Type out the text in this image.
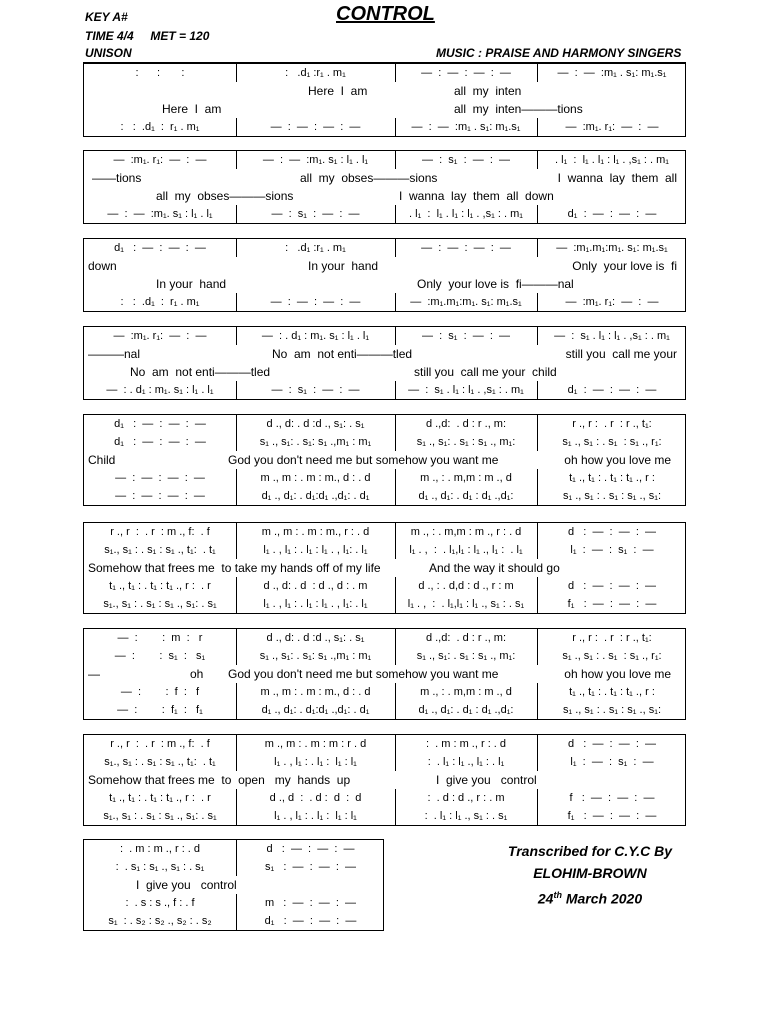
KEY A#
TIME 4/4     MET = 120
UNISON
CONTROL
MUSIC : PRAISE AND HARMONY SINGERS
:      :       :	:   .d₁ :r₁ . m₁	—  :  —  :  —  :  —	—  :  —  :m₁ . s₁: m₁.s₁
Here  I  am	all  my  inten
Here  I  am	all  my  inten———tions
:   :  .d₁  :  r₁ . m₁	—  :  —  :  —  :  —	—  :  —  :m₁ . s₁: m₁.s₁	—  :m₁. r₁:  —  :  —
—  :m₁. r₁:  —  :  —	—  :  —  :m₁. s₁ : l₁ . l₁	—  :  s₁  :  —  :  —	. l₁  :  l₁ . l₁ : l₁ . ,s₁ : . m₁
——tions	all  my  obses———sions	I  wanna  lay  them  all
all  my  obses———sions	I  wanna  lay  them  all  down
—  :  —  :m₁. s₁ : l₁ . l₁	—  :  s₁  :  —  :  —	. l₁  :  l₁ . l₁ : l₁ . ,s₁ : . m₁	d₁  :  —  :  —  :  —
d₁   :  —  :  —  :  —	:   .d₁ :r₁ . m₁	—  :  —  :  —  :  —	—  :m₁.m₁:m₁. s₁: m₁.s₁
down	In your  hand	Only  your love is  fi
In your  hand	Only  your love is  fi———nal
:   :  .d₁  :  r₁ . m₁	—  :  —  :  —  :  —	—  :m₁.m₁:m₁. s₁: m₁.s₁	—  :m₁. r₁:  —  :  —
—  :m₁. r₁:  —  :  —	—  : . d₁ : m₁. s₁ : l₁ . l₁	—  :  s₁  :  —  :  —	—  :  s₁ . l₁ : l₁ . ,s₁ : . m₁
———nal	No  am  not enti———tled	still you  call me your
No  am  not enti———tled	still you  call me your  child
—  : . d₁ : m₁. s₁ : l₁ . l₁	—  :  s₁  :  —  :  —	—  :  s₁ . l₁ : l₁ . ,s₁ : . m₁	d₁  :  —  :  —  :  —
d₁   :  —  :  —  :  —	d ., d: . d :d ., s₁: . s₁	d .,d:  . d : r ., m:	r ., r :  . r  : r ., t₁:
d₁   :  —  :  —  :  —	s₁ ., s₁: . s₁: s₁ .,m₁ : m₁	s₁ ., s₁: . s₁ : s₁ ., m₁:	s₁ ., s₁ : . s₁  : s₁ ., r₁:
Child	God you don't need me but somehow you want me	oh how you love me
—  :  —  :  —  :  —	m ., m : . m : m., d : . d	m ., : . m,m : m ., d	t₁ ., t₁ : . t₁ : t₁ ., r :
—  :  —  :  —  :  —	d₁ ., d₁: . d₁:d₁ .,d₁: . d₁	d₁ ., d₁: . d₁ : d₁ .,d₁:	s₁ ., s₁ : . s₁ : s₁ ., s₁:
r ., r  :  . r  : m ., f:  . f	m ., m : . m : m., r : . d	m ., : . m,m : m ., r : . d	d   :  —  :  —  :  —
s₁., s₁ : . s₁ : s₁ ., t₁:  . t₁	l₁ . , l₁ : . l₁ : l₁ . , l₁: . l₁	l₁ . ,  :  . l₁,l₁ : l₁ ., l₁ :  . l₁	l₁  :  —  :  s₁  :  —
Somehow that frees me  to take my hands off of my life	And the way it should go
t₁ ., t₁ : . t₁ : t₁ ., r :  . r	d ., d: . d  : d ., d : . m	d ., : . d,d : d ., r : m	d   :  —  :  —  :  —
s₁., s₁ : . s₁ : s₁ ., s₁: . s₁	l₁ . , l₁ : . l₁ : l₁ . , l₁: . l₁	l₁ . ,  :  . l₁,l₁ : l₁ ., s₁ : . s₁	f₁   :  —  :  —  :  —
—  :        :  m  :   r	d ., d: . d :d ., s₁: . s₁	d .,d:  . d : r ., m:	r ., r :  . r  : r ., t₁:
—  :        :  s₁  :   s₁	s₁ ., s₁: . s₁: s₁ .,m₁ : m₁	s₁ ., s₁: . s₁ : s₁ ., m₁:	s₁ ., s₁ : . s₁  : s₁ ., r₁:
—	oh God you don't need me but somehow you want me	oh how you love me
—  :        :  f  :   f	m ., m : . m : m., d : . d	m ., : . m,m : m ., d	t₁ ., t₁ : . t₁ : t₁ ., r :
—  :        :  f₁  :   f₁	d₁ ., d₁: . d₁:d₁ .,d₁: . d₁	d₁ ., d₁: . d₁ : d₁ .,d₁:	s₁ ., s₁ : . s₁ : s₁ ., s₁:
r ., r  :  . r  : m ., f:  . f	m ., m : . m : m : r . d	:  . m : m ., r : . d	d   :  —  :  —  :  —
s₁., s₁ : . s₁ : s₁ ., t₁:  . t₁	l₁ . , l₁ : . l₁ :  l₁ : l₁	:  . l₁ : l₁ ., l₁ : . l₁	l₁  :  —  :  s₁  :  —
Somehow that frees me  to  open   my  hands  up	I  give you   control
t₁ ., t₁ : . t₁ : t₁ ., r :  . r	d ., d  :  . d :  d  :  d	:  . d : d ., r : . m	f   :  —  :  —  :  —
s₁., s₁ : . s₁ : s₁ ., s₁: . s₁	l₁ . , l₁ : . l₁ :  l₁ : l₁	:  . l₁ : l₁ ., s₁ : . s₁	f₁   :  —  :  —  :  —
:  . m : m ., r : . d	d   :  —  :  —  :  —
:  . s₁ : s₁ ., s₁ : . s₁	s₁   :  —  :  —  :  —
I  give you   control
:  . s : s ., f : . f	m   :  —  :  —  :  —
s₁  : . s₂ : s₂ ., s₂ : . s₂	d₁   :  —  :  —  :  —
Transcribed for C.Y.C By
ELOHIM-BROWN
24th March 2020
